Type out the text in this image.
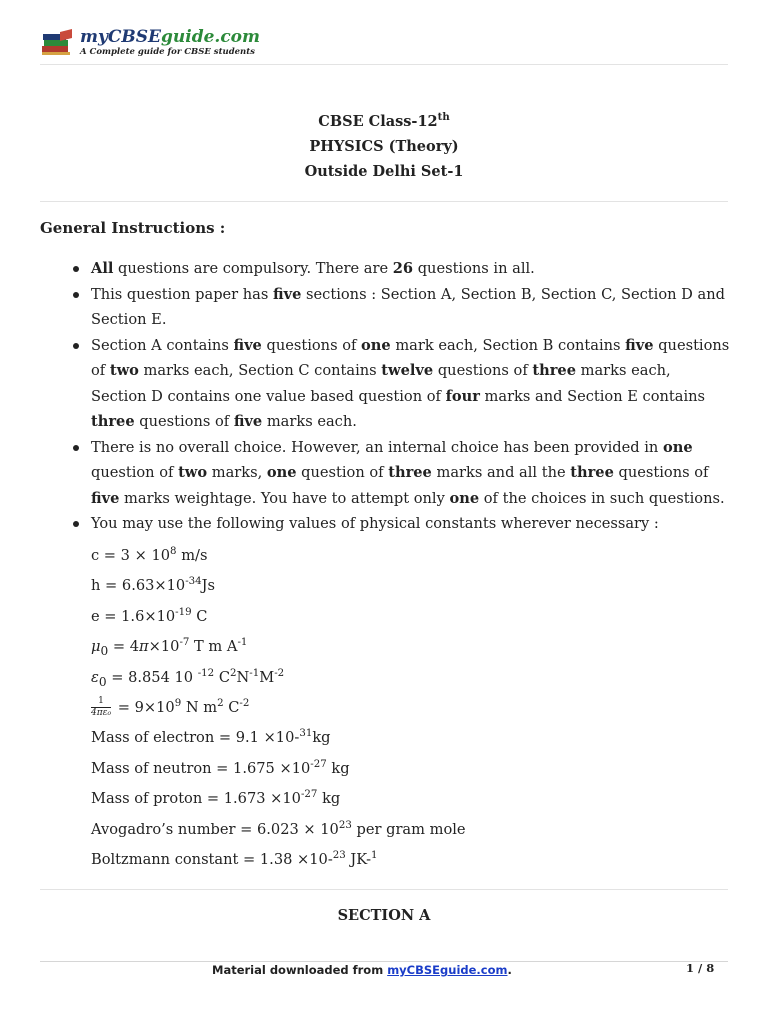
myCBSEguide.com
A Complete guide for CBSE students
CBSE Class-12th
PHYSICS (Theory)
Outside Delhi Set-1
General Instructions :
All questions are compulsory. There are 26 questions in all.
This question paper has five sections : Section A, Section B, Section C, Section D and Section E.
Section A contains five questions of one mark each, Section B contains five questions of two marks each, Section C contains twelve questions of three marks each, Section D contains one value based question of four marks and Section E contains three questions of five marks each.
There is no overall choice. However, an internal choice has been provided in one question of two marks, one question of three marks and all the three questions of five marks weightage. You have to attempt only one of the choices in such questions.
You may use the following values of physical constants wherever necessary :
$c = 3 \times 10^8$ m/s
$h = 6.63\times 10^{-34}Js$
$e = 1.6\times 10^{-19}$ C
$\mu_0 = 4\pi\times 10^{-7}$ T m $A^{-1}$
$\varepsilon_0 = 8.854$ 10 $^{-12}$ $C^2N^{-1}M^{-2}$
$\frac{1}{\text{4πε₀}} = 9\times 10^9$ N $m^2$ $C^{-2}$
Mass of electron = 9.1 ×10-$^{31}$kg
Mass of neutron = $1.675 \times 10^{-27}$ kg
Mass of proton = $1.673 \times 10^{-27}$ kg
Avogadro’s number = $6.023 \times 10^{23}$ per gram mole
Boltzmann constant = 1.38 ×10-$^{23}$ JK-$^1$
SECTION A
Material downloaded from myCBSEguide.com.	1 / 8
